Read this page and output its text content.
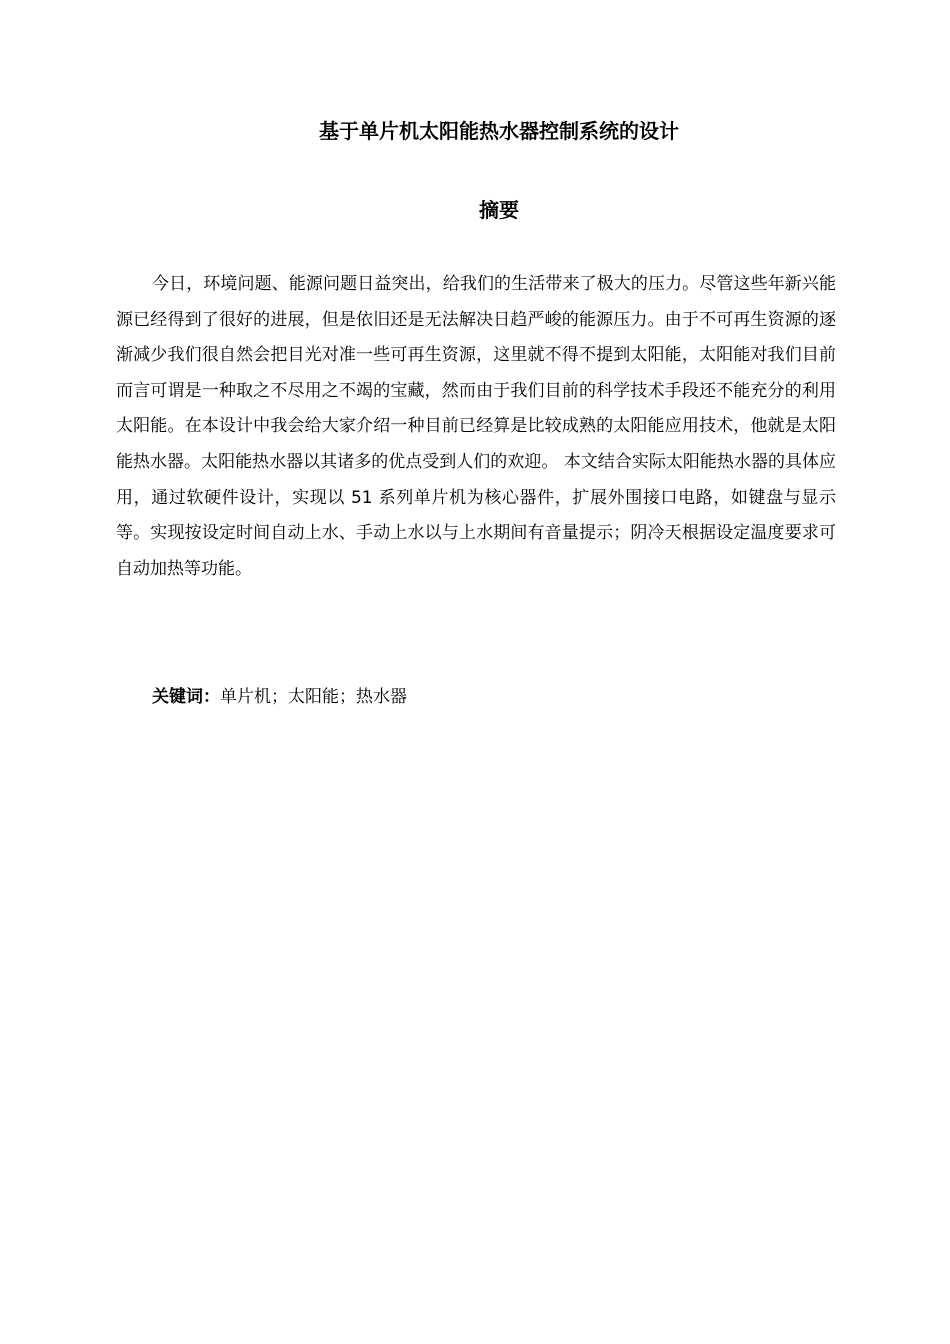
基于单片机太阳能热水器控制系统的设计
摘要

今日，环境问题、能源问题日益突出，给我们的生活带来了极大的压力。尽管这些年新兴能源已经得到了很好的进展，但是依旧还是无法解决日趋严峻的能源压力。由于不可再生资源的逐渐减少我们很自然会把目光对准一些可再生资源，这里就不得不提到太阳能，太阳能对我们目前而言可谓是一种取之不尽用之不竭的宝藏，然而由于我们目前的科学技术手段还不能充分的利用太阳能。在本设计中我会给大家介绍一种目前已经算是比较成熟的太阳能应用技术，他就是太阳能热水器。太阳能热水器以其诸多的优点受到人们的欢迎。 本文结合实际太阳能热水器的具体应用，通过软硬件设计，实现以 51 系列单片机为核心器件，扩展外围接口电路，如键盘与显示等。实现按设定时间自动上水、手动上水以与上水期间有音量提示；阴冷天根据设定温度要求可自动加热等功能。

关键词：单片机；太阳能；热水器
